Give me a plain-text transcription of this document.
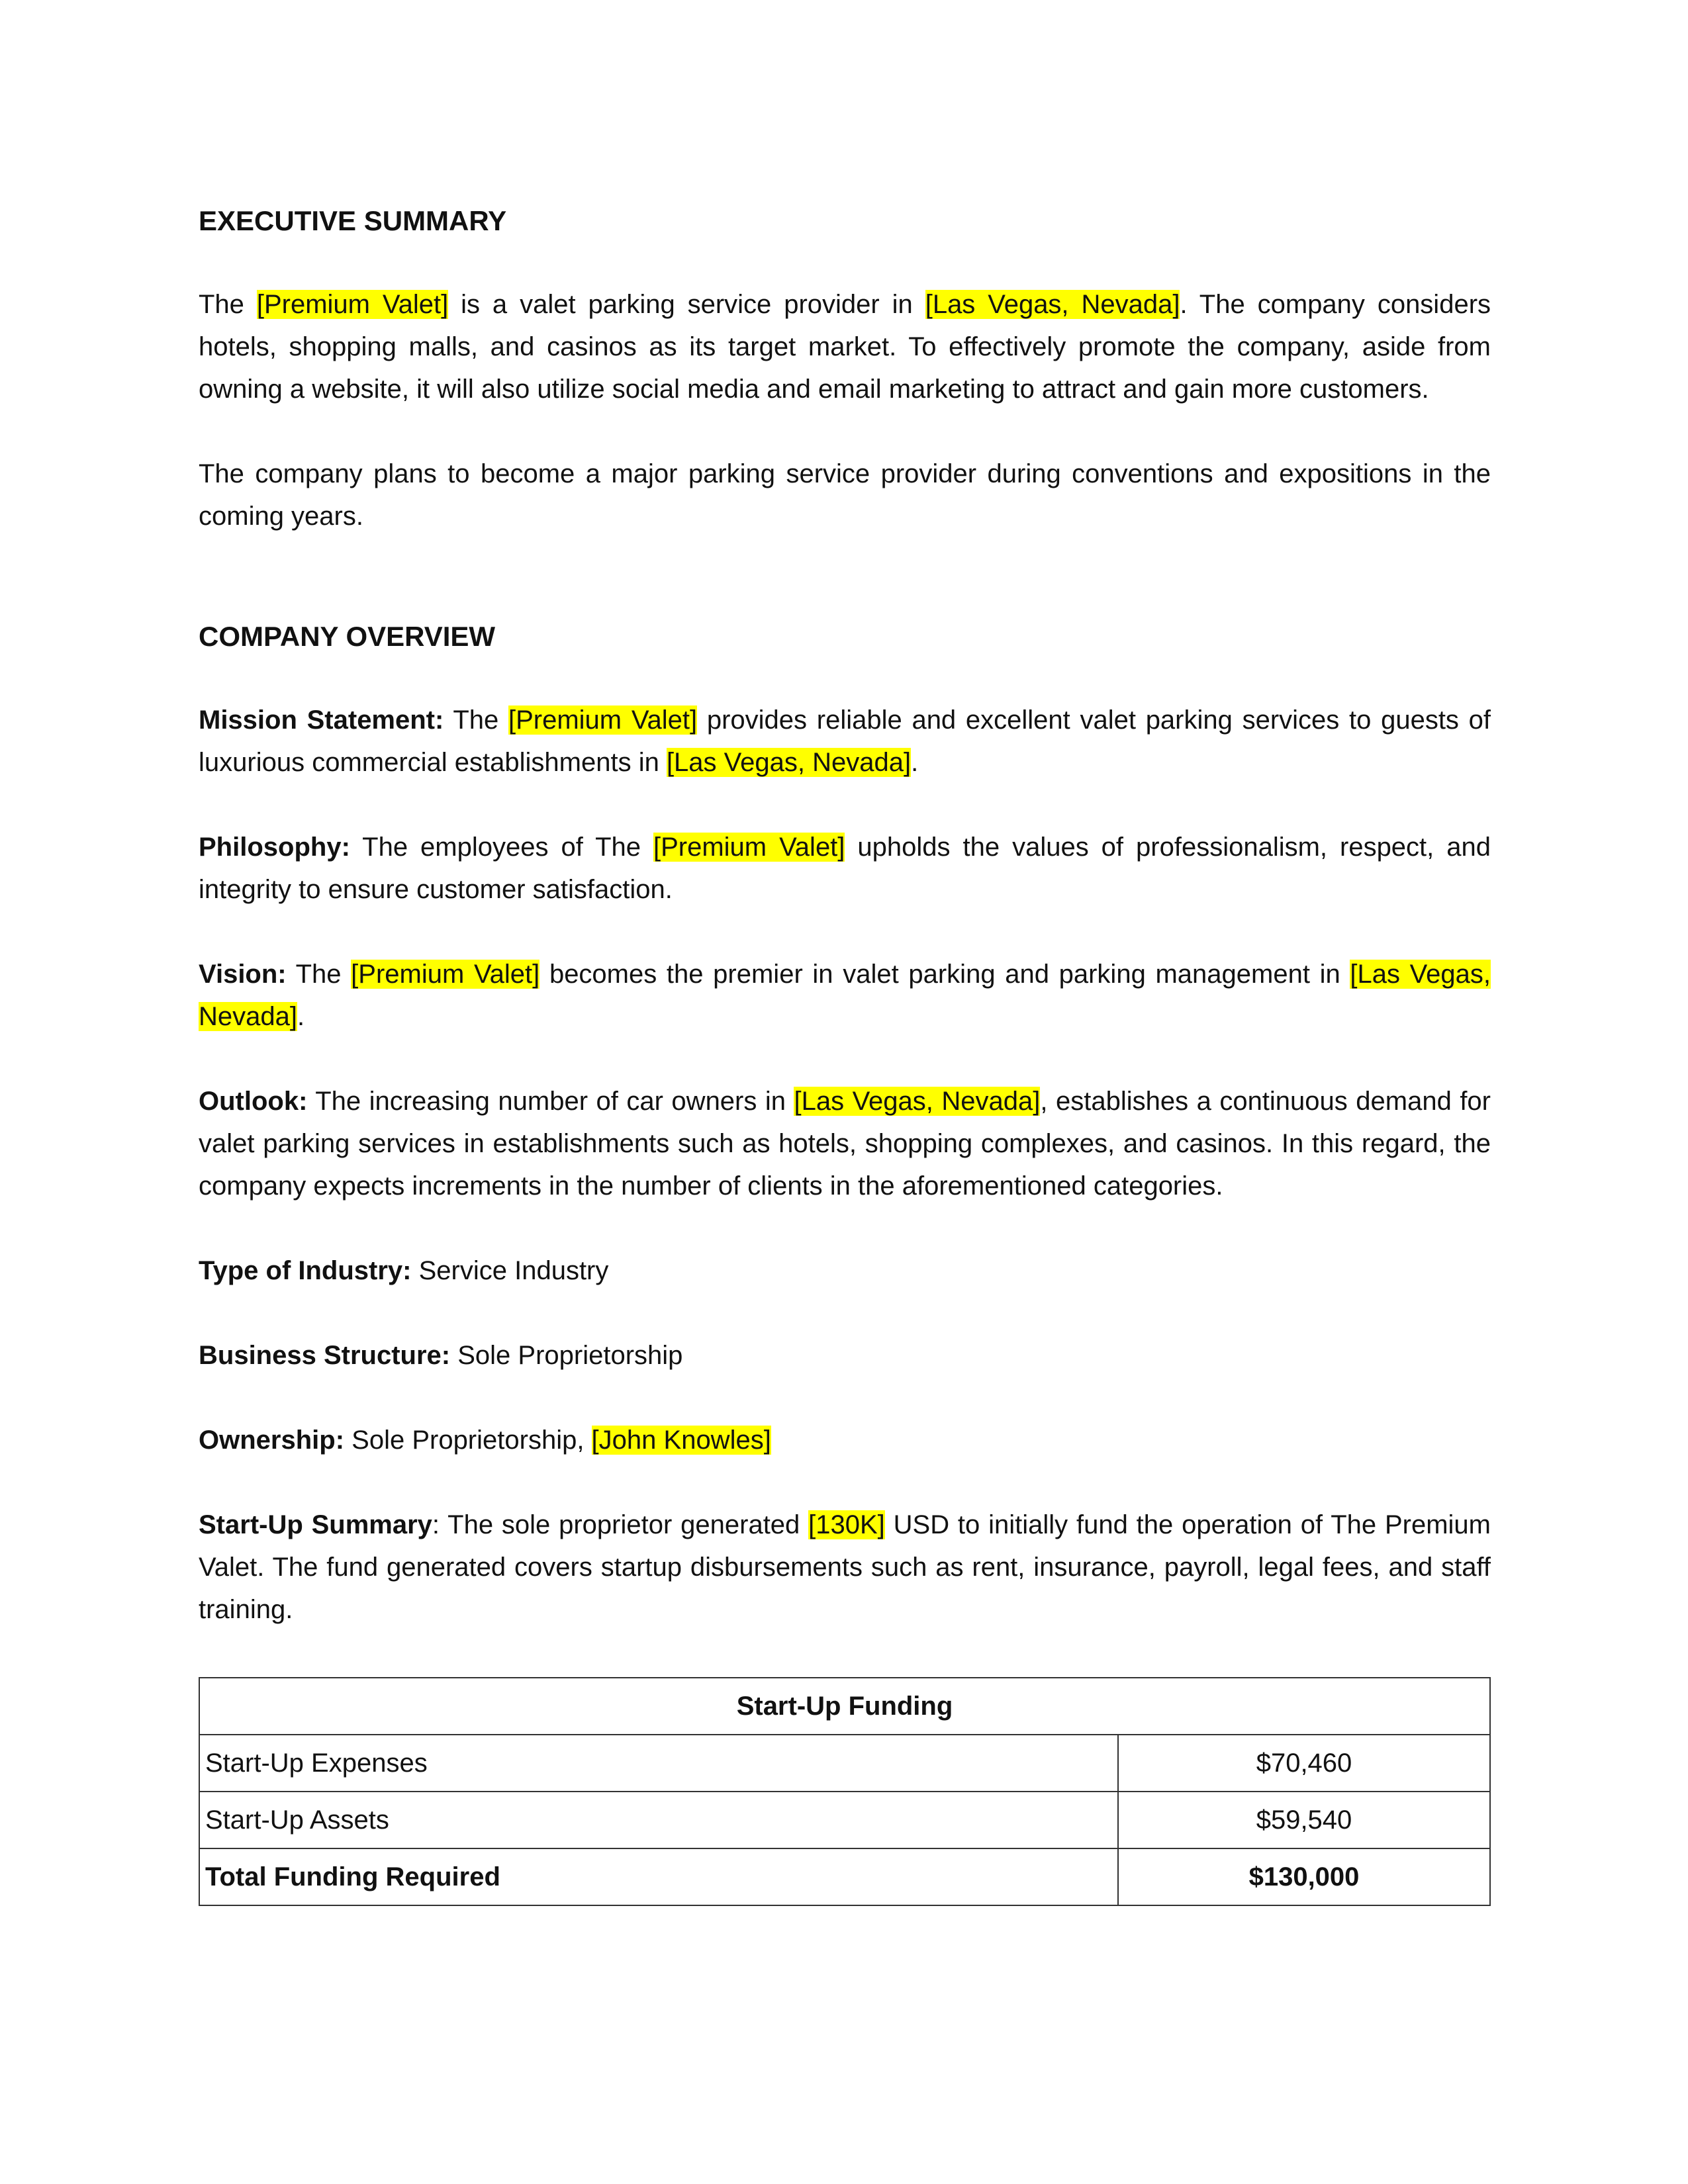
EXECUTIVE SUMMARY

The [Premium Valet] is a valet parking service provider in [Las Vegas, Nevada]. The company considers hotels, shopping malls, and casinos as its target market. To effectively promote the company, aside from owning a website, it will also utilize social media and email marketing to attract and gain more customers.

The company plans to become a major parking service provider during conventions and expositions in the coming years.

COMPANY OVERVIEW

Mission Statement: The [Premium Valet] provides reliable and excellent valet parking services to guests of luxurious commercial establishments in [Las Vegas, Nevada].

Philosophy: The employees of The [Premium Valet] upholds the values of professionalism, respect, and integrity to ensure customer satisfaction.

Vision: The [Premium Valet] becomes the premier in valet parking and parking management in [Las Vegas, Nevada].

Outlook: The increasing number of car owners in [Las Vegas, Nevada], establishes a continuous demand for valet parking services in establishments such as hotels, shopping complexes, and casinos. In this regard, the company expects increments in the number of clients in the aforementioned categories.

Type of Industry: Service Industry

Business Structure: Sole Proprietorship

Ownership: Sole Proprietorship, [John Knowles]

Start-Up Summary: The sole proprietor generated [130K] USD to initially fund the operation of The Premium Valet. The fund generated covers startup disbursements such as rent, insurance, payroll, legal fees, and staff training.

Start-Up Funding	
Start-Up Expenses	$70,460
Start-Up Assets	$59,540
Total Funding Required	$130,000
